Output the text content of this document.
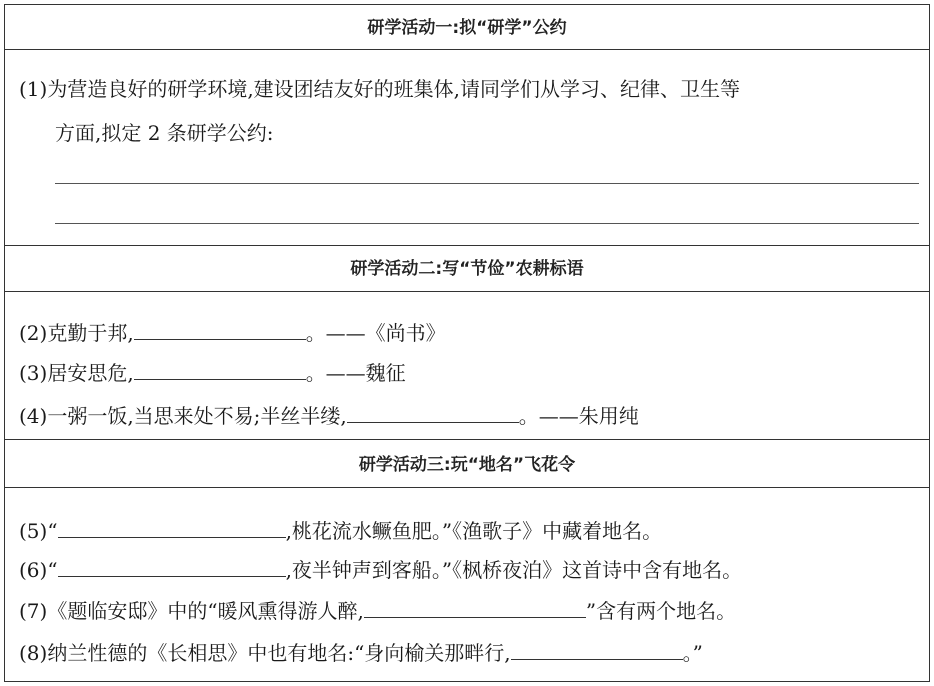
研学活动一:拟“研学”公约
(1)为营造良好的研学环境,建设团结友好的班集体,请同学们从学习、纪律、卫生等
方面,拟定 2 条研学公约:
研学活动二:写“节俭”农耕标语
(2)克勤于邦,	。——《尚书》
(3)居安思危,	。——魏征
(4)一粥一饭,当思来处不易;半丝半缕,	。——朱用纯
研学活动三:玩“地名”飞花令
(5)“	,桃花流水鳜鱼肥。”《渔歌子》中藏着地名。
(6)“	,夜半钟声到客船。”《枫桥夜泊》这首诗中含有地名。
(7)《题临安邸》中的“暖风熏得游人醉,	”含有两个地名。
(8)纳兰性德的《长相思》中也有地名:“身向榆关那畔行,	。”
